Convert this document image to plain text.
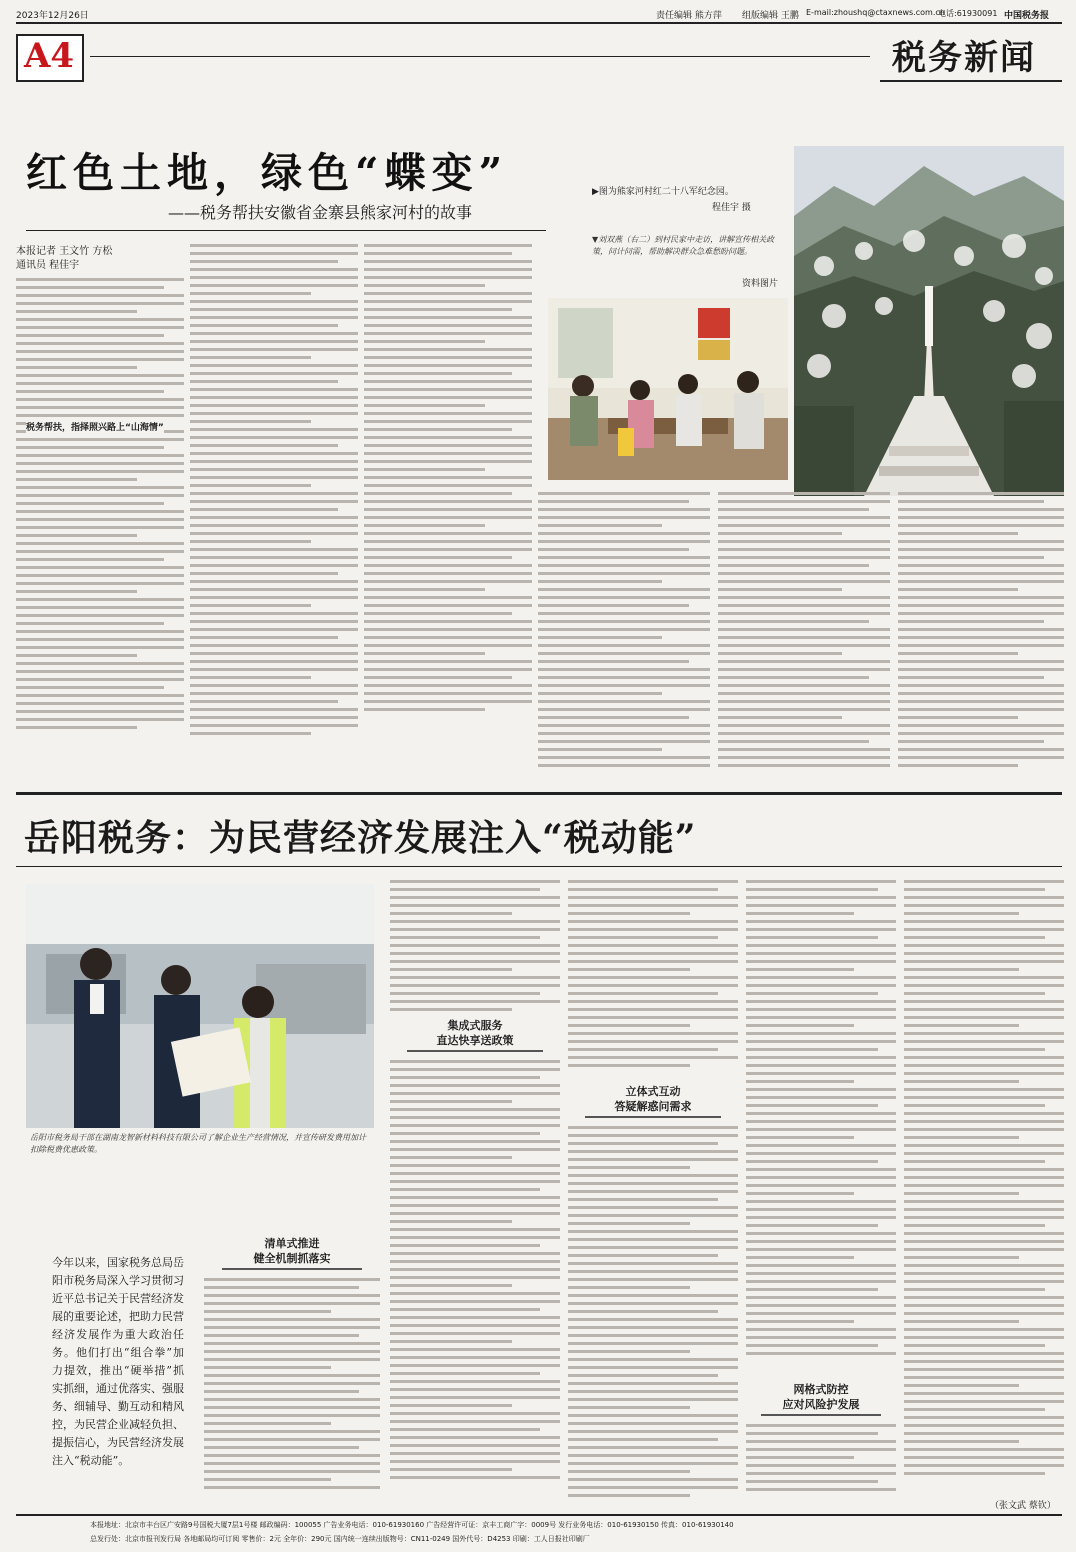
2023年12月26日	责任编辑 熊方萍 组版编辑 王鹏 E-mail:zhoushq@ctaxnews.com.cn
电话:61930091 中国税务报
A4	税务新闻
红色土地，绿色“蝶变”
——税务帮扶安徽省金寨县熊家河村的故事
本报记者 王文竹 方松
通讯员 程佳宇
税务帮扶，指择照兴路上“山海情”
▶图为熊家河村红二十八军纪念园。
程佳宇 摄
▼刘双燕（右二）到村民家中走访，讲解宣传相关政策，问计问需，帮助解决群众急难愁盼问题。
资料图片
岳阳税务：为民营经济发展注入“税动能”
岳阳市税务局干部在湖南龙智新材料科技有限公司了解企业生产经营情况，并宣传研发费用加计扣除税费优惠政策。
今年以来，国家税务总局岳阳市税务局深入学习贯彻习近平总书记关于民营经济发展的重要论述，把助力民营经济发展作为重大政治任务。他们打出“组合拳”加力提效，推出“硬举措”抓实抓细，通过优落实、强服务、细辅导、勤互动和精风控，为民营企业减轻负担、提振信心，为民营经济发展注入“税动能”。
清单式推进
健全机制抓落实
集成式服务
直达快享送政策
立体式互动
答疑解惑问需求
网格式防控
应对风险护发展
（张文武 蔡钦）
本报地址：北京市丰台区广安路9号国税大厦7层1号楼 邮政编码：100055 广告业务电话：010-61930160 广告经营许可证：京丰工商广字：0009号 发行业务电话：010-61930150 传真：010-61930140
总发行处：北京市报刊发行局 各地邮局均可订阅 零售价：2元 全年价：290元 国内统一连续出版物号：CN11-0249 国外代号：D4253 印刷：工人日报社印刷厂
